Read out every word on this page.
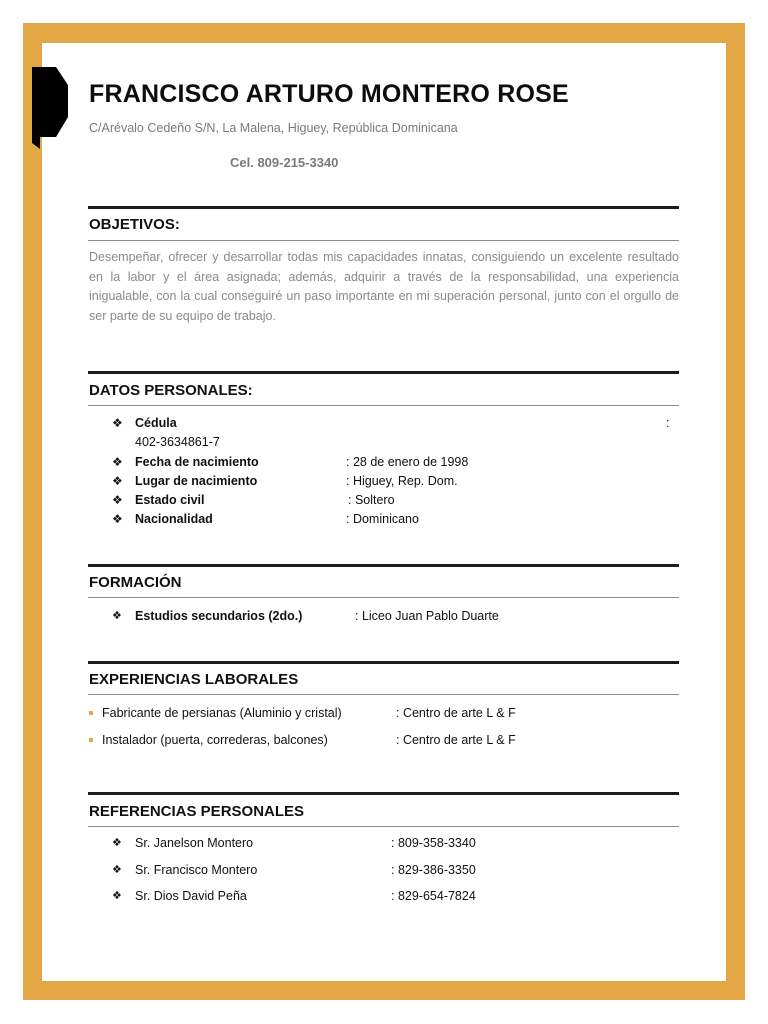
FRANCISCO ARTURO MONTERO ROSE
C/Arévalo Cedeño S/N, La Malena, Higuey, República Dominicana
Cel. 809-215-3340
OBJETIVOS:
Desempeñar, ofrecer y desarrollar todas mis capacidades innatas, consiguiendo un excelente resultado en la labor y el área asignada; además, adquirir a través de la responsabilidad, una experiencia inigualable, con la cual conseguiré un paso importante en mi superación personal, junto con el orgullo de ser parte de su equipo de trabajo.
DATOS PERSONALES:
❖ Cédula	:
402-3634861-7
❖ Fecha de nacimiento	: 28 de enero de 1998
❖ Lugar de nacimiento	: Higuey, Rep. Dom.
❖ Estado civil	: Soltero
❖ Nacionalidad	: Dominicano
FORMACIÓN
❖ Estudios secundarios (2do.)	: Liceo Juan Pablo Duarte
EXPERIENCIAS LABORALES
Fabricante de persianas (Aluminio y cristal)	: Centro de arte L & F
Instalador (puerta, correderas, balcones)	: Centro de arte L & F
REFERENCIAS PERSONALES
❖ Sr. Janelson Montero	: 809-358-3340
❖ Sr. Francisco Montero	: 829-386-3350
❖ Sr. Dios David Peña	: 829-654-7824
